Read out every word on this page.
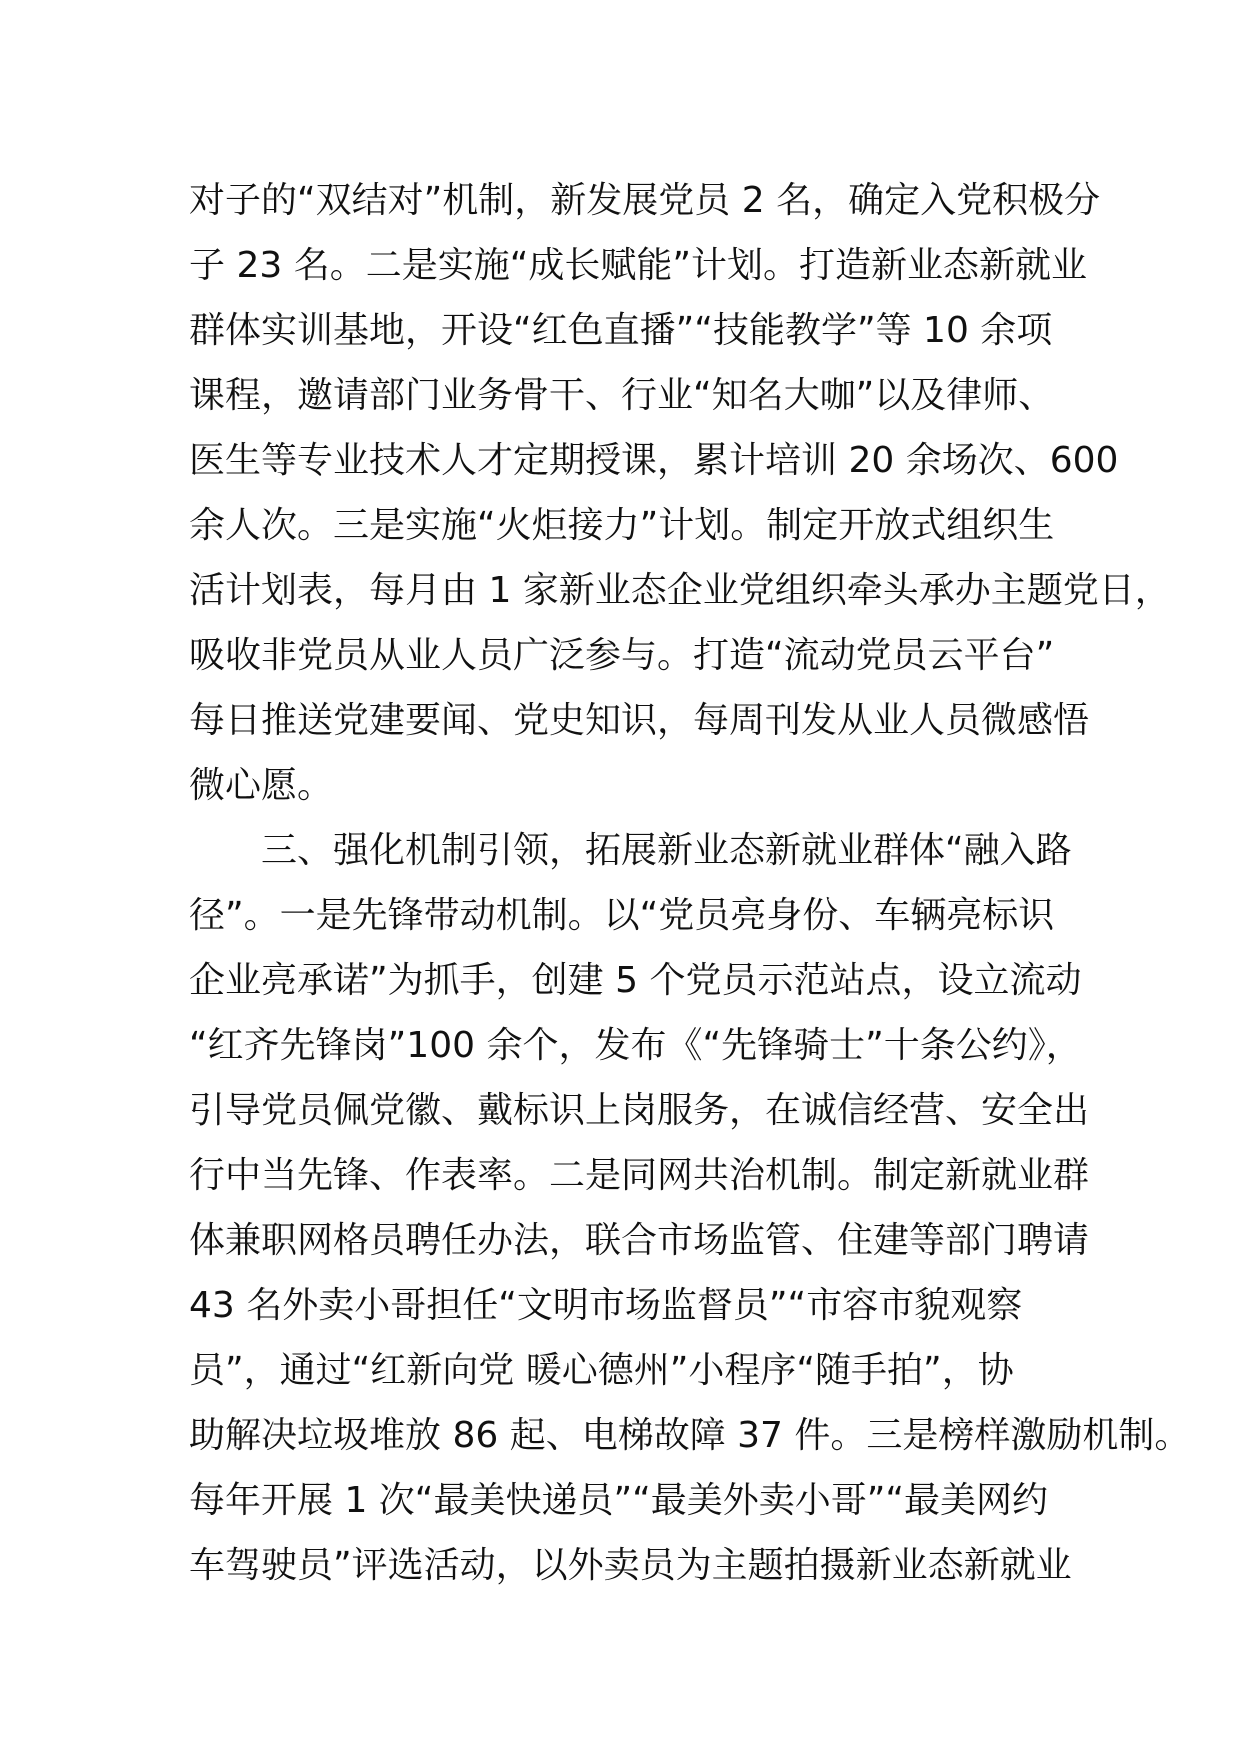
对子的“双结对”机制，新发展党员 2 名，确定入党积极分
子 23 名。二是实施“成长赋能”计划。打造新业态新就业
群体实训基地，开设“红色直播”“技能教学”等 10 余项
课程，邀请部门业务骨干、行业“知名大咖”以及律师、
医生等专业技术人才定期授课，累计培训 20 余场次、600
余人次。三是实施“火炬接力”计划。制定开放式组织生
活计划表，每月由 1 家新业态企业党组织牵头承办主题党日，
吸收非党员从业人员广泛参与。打造“流动党员云平台”
每日推送党建要闻、党史知识，每周刊发从业人员微感悟
微心愿。
三、强化机制引领，拓展新业态新就业群体“融入路
径”。一是先锋带动机制。以“党员亮身份、车辆亮标识
企业亮承诺”为抓手，创建 5 个党员示范站点，设立流动
“红齐先锋岗”100 余个，发布《“先锋骑士”十条公约》，
引导党员佩党徽、戴标识上岗服务，在诚信经营、安全出
行中当先锋、作表率。二是同网共治机制。制定新就业群
体兼职网格员聘任办法，联合市场监管、住建等部门聘请
43 名外卖小哥担任“文明市场监督员”“市容市貌观察
员”，通过“红新向党 暖心德州”小程序“随手拍”，协
助解决垃圾堆放 86 起、电梯故障 37 件。三是榜样激励机制。
每年开展 1 次“最美快递员”“最美外卖小哥”“最美网约
车驾驶员”评选活动，以外卖员为主题拍摄新业态新就业
